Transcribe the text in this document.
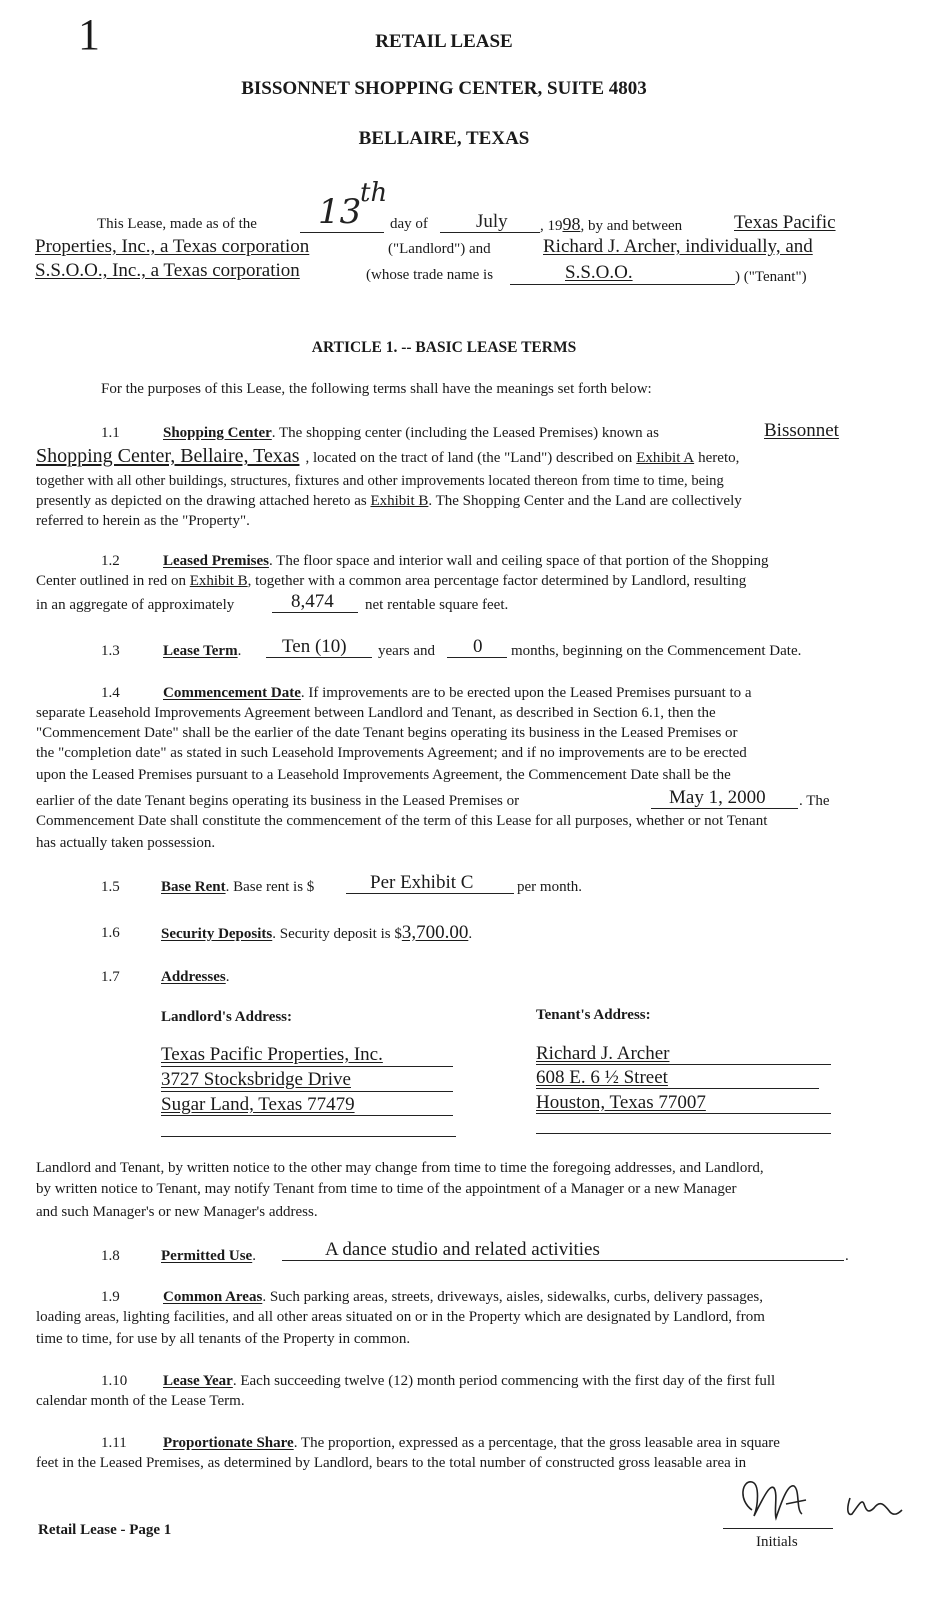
1	RETAIL LEASE
BISSONNET SHOPPING CENTER, SUITE 4803
BELLAIRE, TEXAS
This Lease, made as of the 13
th
day of	July , 1998, by and between	Texas Pacific
Properties, Inc., a Texas corporation	("Landlord") and	Richard J. Archer, individually, and
S.S.O.O., Inc., a Texas corporation	(whose trade name is	S.S.O.O.	) ("Tenant")
ARTICLE 1. -- BASIC LEASE TERMS
For the purposes of this Lease, the following terms shall have the meanings set forth below:
1.1	Shopping Center. The shopping center (including the Leased Premises) known as	Bissonnet
Shopping Center, Bellaire, Texas , located on the tract of land (the "Land") described on Exhibit A hereto,
together with all other buildings, structures, fixtures and other improvements located thereon from time to time, being
presently as depicted on the drawing attached hereto as Exhibit B. The Shopping Center and the Land are collectively
referred to herein as the "Property".
1.2	Leased Premises. The floor space and interior wall and ceiling space of that portion of the Shopping
Center outlined in red on Exhibit B, together with a common area percentage factor determined by Landlord, resulting
in an aggregate of approximately	8,474 net rentable square feet.
1.3	Lease Term. Ten (10) years and 0 months, beginning on the Commencement Date.
1.4	Commencement Date. If improvements are to be erected upon the Leased Premises pursuant to a
separate Leasehold Improvements Agreement between Landlord and Tenant, as described in Section 6.1, then the
"Commencement Date" shall be the earlier of the date Tenant begins operating its business in the Leased Premises or
the "completion date" as stated in such Leasehold Improvements Agreement; and if no improvements are to be erected
upon the Leased Premises pursuant to a Leasehold Improvements Agreement, the Commencement Date shall be the
earlier of the date Tenant begins operating its business in the Leased Premises or	May 1, 2000 . The
Commencement Date shall constitute the commencement of the term of this Lease for all purposes, whether or not Tenant
has actually taken possession.
1.5	Base Rent. Base rent is $	Per Exhibit C	per month.
1.6	Security Deposits. Security deposit is $3,700.00.
1.7	Addresses.
Landlord's Address:	Tenant's Address:
Texas Pacific Properties, Inc.
3727 Stocksbridge Drive
Sugar Land, Texas 77479
Richard J. Archer
608 E. 6 ½ Street
Houston, Texas 77007
Landlord and Tenant, by written notice to the other may change from time to time the foregoing addresses, and Landlord,
by written notice to Tenant, may notify Tenant from time to time of the appointment of a Manager or a new Manager
and such Manager's or new Manager's address.
1.8	Permitted Use.	A dance studio and related activities	.
1.9	Common Areas. Such parking areas, streets, driveways, aisles, sidewalks, curbs, delivery passages,
loading areas, lighting facilities, and all other areas situated on or in the Property which are designated by Landlord, from
time to time, for use by all tenants of the Property in common.
1.10 Lease Year. Each succeeding twelve (12) month period commencing with the first day of the first full
calendar month of the Lease Term.
1.11 Proportionate Share. The proportion, expressed as a percentage, that the gross leasable area in square
feet in the Leased Premises, as determined by Landlord, bears to the total number of constructed gross leasable area in
Retail Lease - Page 1
Initials
